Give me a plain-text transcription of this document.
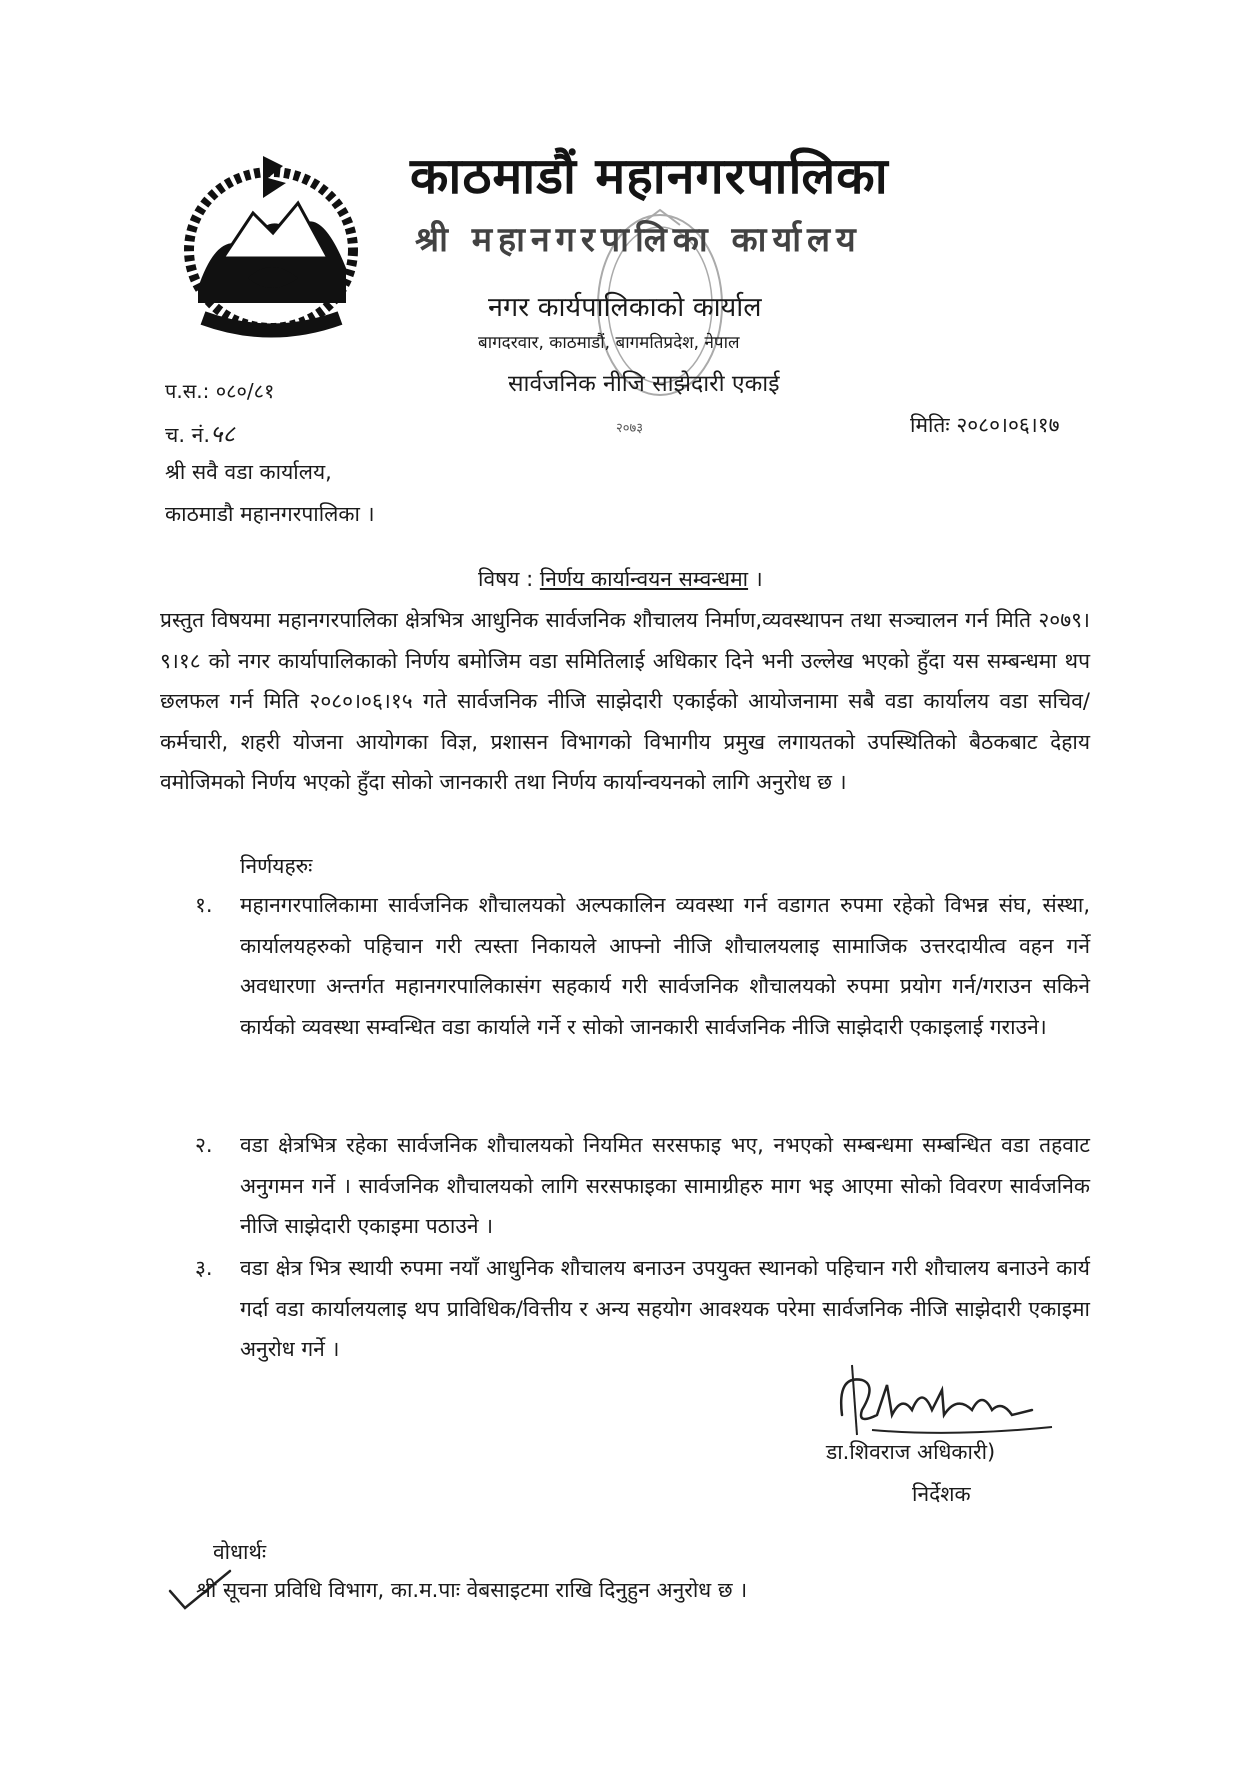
काठमाडौं महानगरपालिका
श्री महानगरपालिका कार्यालय
नगर कार्यपालिकाको कार्याल
बागदरवार, काठमाडौं, बागमतिप्रदेश, नेपाल
सार्वजनिक नीजि साझेदारी एकाई
२०७३
प.स.: ०८०/८१
च. नं.५८	मितिः २०८०।०६।१७
श्री सवै वडा कार्यालय,
काठमाडौ महानगरपालिका ।
विषय : निर्णय कार्यान्वयन सम्वन्धमा ।
प्रस्तुत विषयमा महानगरपालिका क्षेत्रभित्र आधुनिक सार्वजनिक शौचालय निर्माण,व्यवस्थापन तथा सञ्चालन गर्न मिति २०७९।९।१८ को नगर कार्यापालिकाको निर्णय बमोजिम वडा समितिलाई अधिकार दिने भनी उल्लेख भएको हुँदा यस सम्बन्धमा थप छलफल गर्न मिति २०८०।०६।१५ गते सार्वजनिक नीजि साझेदारी एकाईको आयोजनामा सबै वडा कार्यालय वडा सचिव/कर्मचारी, शहरी योजना आयोगका विज्ञ, प्रशासन विभागको विभागीय प्रमुख लगायतको उपस्थितिको बैठकबाट देहाय वमोजिमको निर्णय भएको हुँदा सोको जानकारी तथा निर्णय कार्यान्वयनको लागि अनुरोध छ ।
निर्णयहरुः
१. महानगरपालिकामा सार्वजनिक शौचालयको अल्पकालिन व्यवस्था गर्न वडागत रुपमा रहेको विभन्न संघ, संस्था, कार्यालयहरुको पहिचान गरी त्यस्ता निकायले आफ्नो नीजि शौचालयलाइ सामाजिक उत्तरदायीत्व वहन गर्ने अवधारणा अन्तर्गत महानगरपालिकासंग सहकार्य गरी सार्वजनिक शौचालयको रुपमा प्रयोग गर्न/गराउन सकिने कार्यको व्यवस्था सम्वन्धित वडा कार्याले गर्ने र सोको जानकारी सार्वजनिक नीजि साझेदारी एकाइलाई गराउने।
२. वडा क्षेत्रभित्र रहेका सार्वजनिक शौचालयको नियमित सरसफाइ भए, नभएको सम्बन्धमा सम्बन्धित वडा तहवाट अनुगमन गर्ने । सार्वजनिक शौचालयको लागि सरसफाइका सामाग्रीहरु माग भइ आएमा सोको विवरण सार्वजनिक नीजि साझेदारी एकाइमा पठाउने ।
३. वडा क्षेत्र भित्र स्थायी रुपमा नयाँ आधुनिक शौचालय बनाउन उपयुक्त स्थानको पहिचान गरी शौचालय बनाउने कार्य गर्दा वडा कार्यालयलाइ थप प्राविधिक/वित्तीय र अन्य सहयोग आवश्यक परेमा सार्वजनिक नीजि साझेदारी एकाइमा अनुरोध गर्ने ।
डा.शिवराज अधिकारी)
निर्देशक
वोधार्थः
श्री सूचना प्रविधि विभाग, का.म.पाः वेबसाइटमा राखि दिनुहुन अनुरोध छ ।
